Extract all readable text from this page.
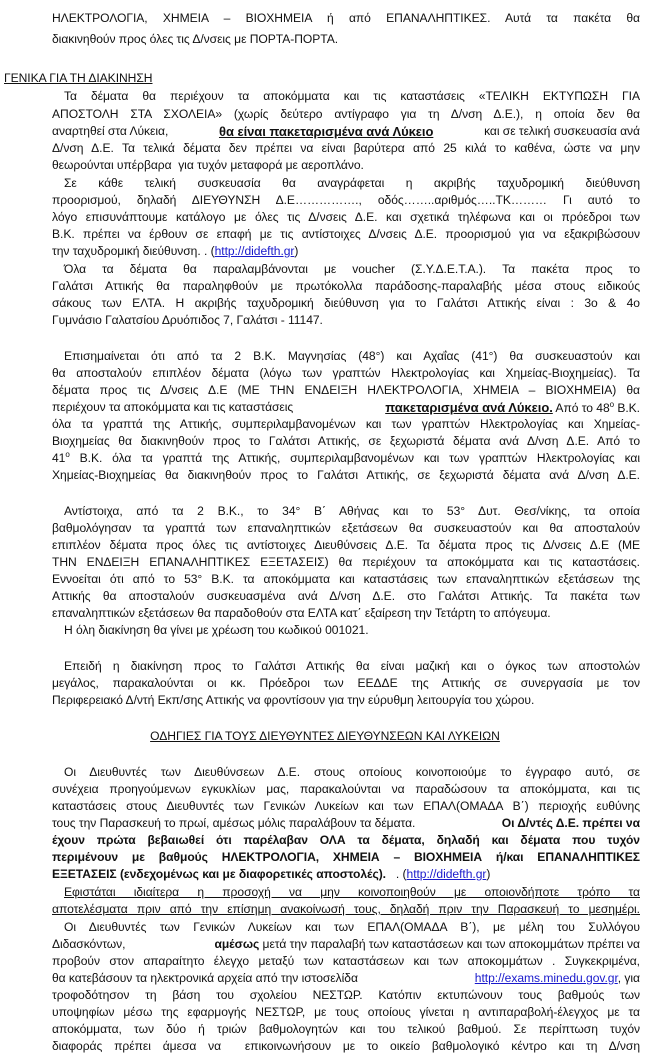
ΗΛΕΚΤΡΟΛΟΓΙΑ, ΧΗΜΕΙΑ – ΒΙΟΧΗΜΕΙΑ ή από ΕΠΑΝΑΛΗΠΤΙΚΕΣ. Αυτά τα πακέτα θα
διακινηθούν προς όλες τις Δ/νσεις με ΠΟΡΤΑ-ΠΟΡΤΑ.
ΓΕΝΙΚΑ ΓΙΑ ΤΗ ΔΙΑΚΙΝΗΣΗ
Τα δέματα θα περιέχουν τα αποκόμματα και τις καταστάσεις «ΤΕΛΙΚΗ ΕΚΤΥΠΩΣΗ ΓΙΑ
ΑΠΟΣΤΟΛΗ ΣΤΑ ΣΧΟΛΕΙΑ» (χωρίς δεύτερο αντίγραφο για τη Δ/νση Δ.Ε.), η οποία δεν θα
αναρτηθεί στα Λύκεια,	θα είναι πακεταρισμένα ανά Λύκειο	και σε τελική συσκευασία ανά
Δ/νση Δ.Ε. Τα τελικά δέματα δεν πρέπει να είναι βαρύτερα από 25 κιλά το καθένα, ώστε να μην
θεωρούνται υπέρβαρα  για τυχόν μεταφορά με αεροπλάνο.
Σε κάθε τελική συσκευασία θα αναγράφεται η ακριβής ταχυδρομική διεύθυνση
προορισμού, δηλαδή ΔΙΕΥΘΥΝΣΗ Δ.Ε……………., οδός……..αριθμός…..ΤΚ……… Γι αυτό το
λόγο επισυνάπτουμε κατάλογο με όλες τις Δ/νσεις Δ.Ε. και σχετικά τηλέφωνα και οι πρόεδροι των
Β.Κ. πρέπει να έρθουν σε επαφή με τις αντίστοιχες Δ/νσεις Δ.Ε. προορισμού για να εξακριβώσουν
την ταχυδρομική διεύθυνση. . (http://didefth.gr)
Όλα τα δέματα θα παραλαμβάνονται με voucher (Σ.Υ.Δ.Ε.Τ.Α.). Τα πακέτα προς το
Γαλάτσι Αττικής θα παραληφθούν με πρωτόκολλα παράδοσης-παραλαβής μέσα στους ειδικούς
σάκους των ΕΛΤΑ. Η ακριβής ταχυδρομική διεύθυνση για το Γαλάτσι Αττικής είναι : 3ο & 4ο
Γυμνάσιο Γαλατσίου Δρυόπιδος 7, Γαλάτσι - 11147.
Επισημαίνεται ότι από τα 2 Β.Κ. Μαγνησίας (48°) και Αχαΐας (41°) θα συσκευαστούν και
θα αποσταλούν επιπλέον δέματα (λόγω των γραπτών Ηλεκτρολογίας και Χημείας-Βιοχημείας). Τα
δέματα προς τις Δ/νσεις Δ.Ε (ΜΕ ΤΗΝ ΕΝΔΕΙΞΗ ΗΛΕΚΤΡΟΛΟΓΙΑ, ΧΗΜΕΙΑ – ΒΙΟΧΗΜΕΙΑ) θα
περιέχουν τα αποκόμματα και τις καταστάσεις	πακεταρισμένα ανά Λύκειο. Από το 48$^o$ Β.Κ.
όλα τα γραπτά της Αττικής, συμπεριλαμβανομένων και των γραπτών Ηλεκτρολογίας και Χημείας-
Βιοχημείας θα διακινηθούν προς το Γαλάτσι Αττικής, σε ξεχωριστά δέματα ανά Δ/νση Δ.Ε. Από το
41$^o$ Β.Κ. όλα τα γραπτά της Αττικής, συμπεριλαμβανομένων και των γραπτών Ηλεκτρολογίας και
Χημείας-Βιοχημείας θα διακινηθούν προς το Γαλάτσι Αττικής, σε ξεχωριστά δέματα ανά Δ/νση Δ.Ε.
Αντίστοιχα, από τα 2 Β.Κ., το 34° Β΄ Αθήνας και το 53° Δυτ. Θεσ/νίκης, τα οποία
βαθμολόγησαν τα γραπτά των επαναληπτικών εξετάσεων θα συσκευαστούν και θα αποσταλούν
επιπλέον δέματα προς όλες τις αντίστοιχες Διευθύνσεις Δ.Ε. Τα δέματα προς τις Δ/νσεις Δ.Ε (ΜΕ
ΤΗΝ ΕΝΔΕΙΞΗ ΕΠΑΝΑΛΗΠΤΙΚΕΣ ΕΞΕΤΑΣΕΙΣ) θα περιέχουν τα αποκόμματα και τις καταστάσεις.
Εννοείται ότι από το 53° Β.Κ. τα αποκόμματα και καταστάσεις των επαναληπτικών εξετάσεων της
Αττικής θα αποσταλούν συσκευασμένα ανά Δ/νση Δ.Ε. στο Γαλάτσι Αττικής. Τα πακέτα των
επαναληπτικών εξετάσεων θα παραδοθούν στα ΕΛΤΑ κατ΄ εξαίρεση την Τετάρτη το απόγευμα.
Η όλη διακίνηση θα γίνει με χρέωση του κωδικού 001021.
Επειδή η διακίνηση προς το Γαλάτσι Αττικής θα είναι μαζική και ο όγκος των αποστολών
μεγάλος, παρακαλούνται οι κκ. Πρόεδροι των ΕΕΔΔΕ της Αττικής σε συνεργασία με τον
Περιφερειακό Δ/ντή Εκπ/σης Αττικής να φροντίσουν για την εύρυθμη λειτουργία του χώρου.
ΟΔΗΓΙΕΣ ΓΙΑ ΤΟΥΣ ΔΙΕΥΘΥΝΤΕΣ ΔΙΕΥΘΥΝΣΕΩΝ ΚΑΙ ΛΥΚΕΙΩΝ
Οι Διευθυντές των Διευθύνσεων Δ.Ε. στους οποίους κοινοποιούμε το έγγραφο αυτό, σε
συνέχεια προηγούμενων εγκυκλίων μας, παρακαλούνται να παραδώσουν τα αποκόμματα, και τις
καταστάσεις στους Διευθυντές των Γενικών Λυκείων και των ΕΠΑΛ(ΟΜΑΔΑ Β΄) περιοχής ευθύνης
τους την Παρασκευή το πρωί, αμέσως μόλις παραλάβουν τα δέματα.	Οι Δ/ντές Δ.Ε. πρέπει να
έχουν πρώτα βεβαιωθεί ότι παρέλαβαν ΟΛΑ τα δέματα, δηλαδή και δέματα που τυχόν
περιμένουν με βαθμούς ΗΛΕΚΤΡΟΛΟΓΙΑ, ΧΗΜΕΙΑ – ΒΙΟΧΗΜΕΙΑ ή/και ΕΠΑΝΑΛΗΠΤΙΚΕΣ
ΕΞΕΤΑΣΕΙΣ (ενδεχομένως και με διαφορετικές αποστολές).   . (http://didefth.gr)
Εφιστάται ιδιαίτερα η προσοχή να μην κοινοποιηθούν με οποιονδήποτε τρόπο τα
αποτελέσματα πριν από την επίσημη ανακοίνωσή τους, δηλαδή πριν την Παρασκευή το μεσημέρι.
Οι Διευθυντές των Γενικών Λυκείων και των ΕΠΑΛ(ΟΜΑΔΑ Β΄), με μέλη του Συλλόγου
Διδασκόντων,	αμέσως μετά την παραλαβή των καταστάσεων και των αποκομμάτων πρέπει να
προβούν στον απαραίτητο έλεγχο μεταξύ των καταστάσεων και των αποκομμάτων . Συγκεκριμένα,
θα κατεβάσουν τα ηλεκτρονικά αρχεία από την ιστοσελίδα	http://exams.minedu.gov.gr, για
τροφοδότησον τη βάση του σχολείου ΝΕΣΤΩΡ. Κατόπιν εκτυπώνουν τους βαθμούς των
υποψηφίων μέσω της εφαρμογής ΝΕΣΤΩΡ, με τους οποίους γίνεται η αντιπαραβολή-έλεγχος με τα
αποκόμματα, των δύο ή τριών βαθμολογητών και του τελικού βαθμού. Σε περίπτωση τυχόν
διαφοράς πρέπει άμεσα να  επικοινωνήσουν με το οικείο βαθμολογικό κέντρο και τη Δ/νση
